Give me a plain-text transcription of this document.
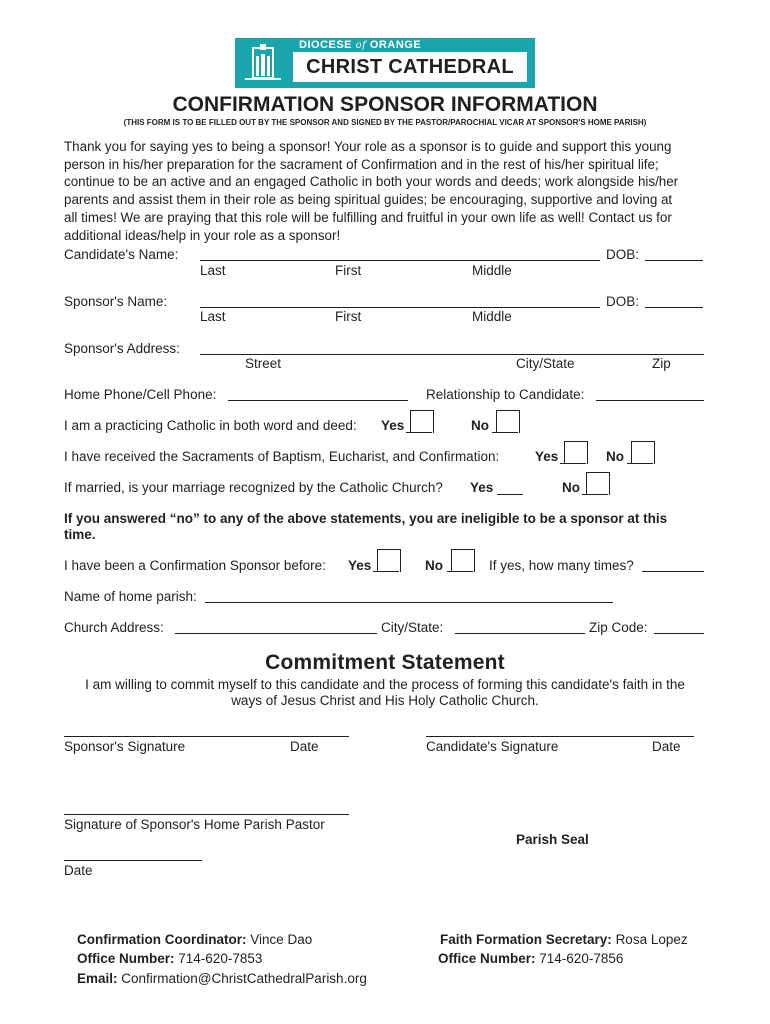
DIOCESE of ORANGE
CHRIST CATHEDRAL
CONFIRMATION SPONSOR INFORMATION
(THIS FORM IS TO BE FILLED OUT BY THE SPONSOR AND SIGNED BY THE PASTOR/PAROCHIAL VICAR AT SPONSOR'S HOME PARISH)
Thank you for saying yes to being a sponsor! Your role as a sponsor is to guide and support this young
person in his/her preparation for the sacrament of Confirmation and in the rest of his/her spiritual life;
continue to be an active and an engaged Catholic in both your words and deeds; work alongside his/her
parents and assist them in their role as being spiritual guides; be encouraging, supportive and loving at
all times! We are praying that this role will be fulfilling and fruitful in your own life as well! Contact us for
additional ideas/help in your role as a sponsor!
Candidate's Name:	DOB:
Last	First	Middle
Sponsor's Name:	DOB:
Last	First	Middle
Sponsor's Address:
Street	City/State	Zip
Home Phone/Cell Phone:	Relationship to Candidate:
I am a practicing Catholic in both word and deed: Yes	No
I have received the Sacraments of Baptism, Eucharist, and Confirmation:	Yes	No
If married, is your marriage recognized by the Catholic Church? Yes	No
If you answered “no” to any of the above statements, you are ineligible to be a sponsor at this
time.
I have been a Confirmation Sponsor before: Yes	No	If yes, how many times?
Name of home parish:
Church Address:	City/State:	Zip Code:
Commitment Statement
I am willing to commit myself to this candidate and the process of forming this candidate's faith in the
ways of Jesus Christ and His Holy Catholic Church.
Sponsor's Signature	Date	Candidate's Signature	Date
Signature of Sponsor's Home Parish Pastor
Parish Seal
Date
Confirmation Coordinator: Vince Dao
Office Number: 714-620-7853
Email: Confirmation@ChristCathedralParish.org
Faith Formation Secretary: Rosa Lopez
Office Number: 714-620-7856
